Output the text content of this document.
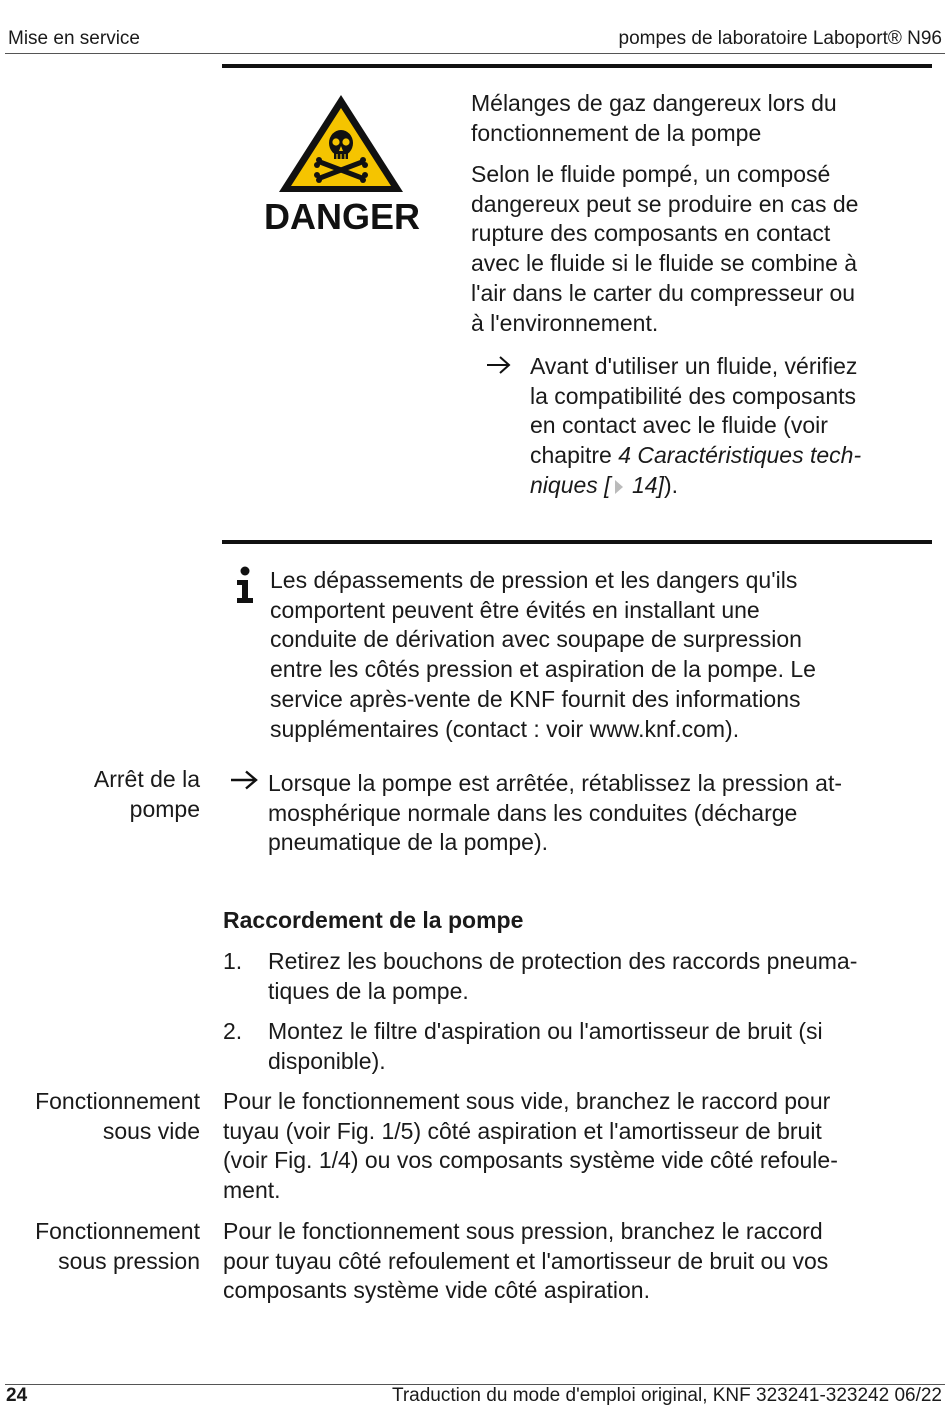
Mise en service	pompes de laboratoire Laboport® N96
DANGER
Mélanges de gaz dangereux lors du
fonctionnement de la pompe
Selon le fluide pompé, un composé
dangereux peut se produire en cas de
rupture des composants en contact
avec le fluide si le fluide se combine à
l'air dans le carter du compresseur ou
à l'environnement.
Avant d'utiliser un fluide, vérifiez
la compatibilité des composants
en contact avec le fluide (voir
chapitre 4 Caractéristiques tech-
niques [ 14]).
Les dépassements de pression et les dangers qu'ils
comportent peuvent être évités en installant une
conduite de dérivation avec soupape de surpression
entre les côtés pression et aspiration de la pompe. Le
service après-vente de KNF fournit des informations
supplémentaires (contact : voir www.knf.com).
Arrêt de la
pompe
Lorsque la pompe est arrêtée, rétablissez la pression at-
mosphérique normale dans les conduites (décharge
pneumatique de la pompe).
Raccordement de la pompe
1. Retirez les bouchons de protection des raccords pneuma-
tiques de la pompe.
2. Montez le filtre d'aspiration ou l'amortisseur de bruit (si
disponible).
Fonctionnement
sous vide
Pour le fonctionnement sous vide, branchez le raccord pour
tuyau (voir Fig. 1/5) côté aspiration et l'amortisseur de bruit
(voir Fig. 1/4) ou vos composants système vide côté refoule-
ment.
Fonctionnement
sous pression
Pour le fonctionnement sous pression, branchez le raccord
pour tuyau côté refoulement et l'amortisseur de bruit ou vos
composants système vide côté aspiration.
24	Traduction du mode d'emploi original, KNF 323241-323242 06/22
